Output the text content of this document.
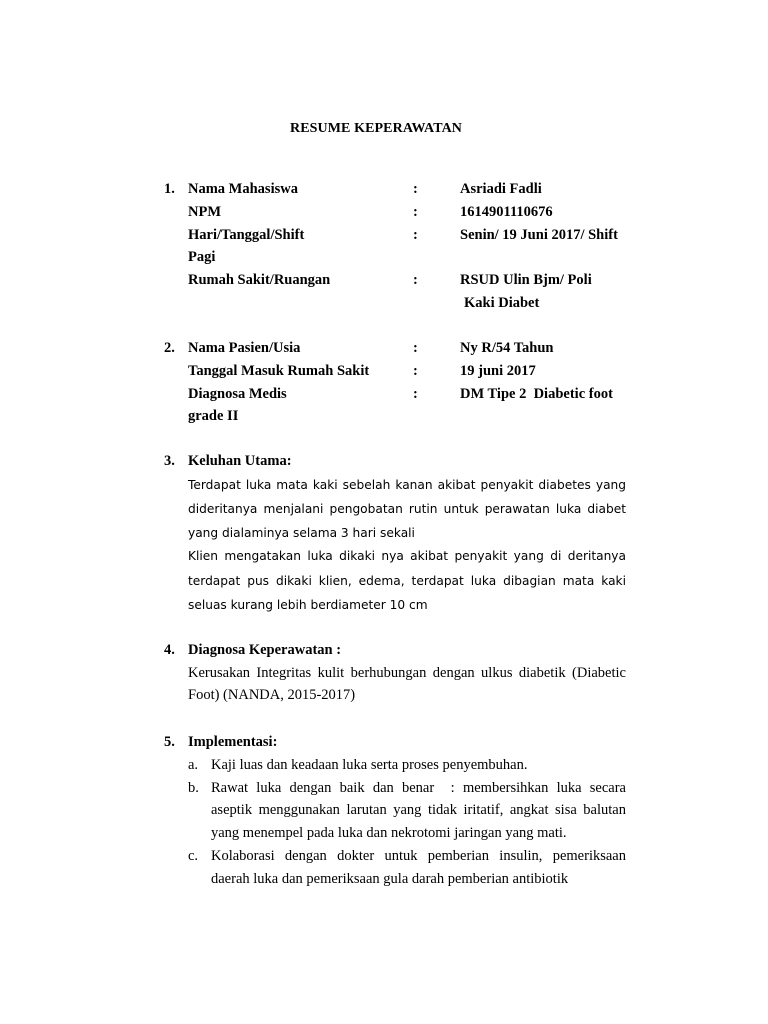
RESUME KEPERAWATAN
1. Nama Mahasiswa	:	Asriadi Fadli
NPM	:	1614901110676
Hari/Tanggal/Shift	:	Senin/ 19 Juni 2017/ Shift
Pagi
Rumah Sakit/Ruangan	:	RSUD Ulin Bjm/ Poli
Kaki Diabet
2. Nama Pasien/Usia	:	Ny R/54 Tahun
Tanggal Masuk Rumah Sakit	:	19 juni 2017
Diagnosa Medis	:	DM Tipe 2  Diabetic foot
grade II
3. Keluhan Utama:
Terdapat luka mata kaki sebelah kanan akibat penyakit diabetes yang
dideritanya menjalani pengobatan rutin untuk perawatan luka diabet
yang dialaminya selama 3 hari sekali
Klien mengatakan luka dikaki nya akibat penyakit yang di deritanya
terdapat pus dikaki klien, edema, terdapat luka dibagian mata kaki
seluas kurang lebih berdiameter 10 cm
4. Diagnosa Keperawatan :
Kerusakan Integritas kulit berhubungan dengan ulkus diabetik (Diabetic
Foot) (NANDA, 2015-2017)
5. Implementasi:
a. Kaji luas dan keadaan luka serta proses penyembuhan.
b. Rawat luka dengan baik dan benar  : membersihkan luka secara
aseptik menggunakan larutan yang tidak iritatif, angkat sisa balutan
yang menempel pada luka dan nekrotomi jaringan yang mati.
c. Kolaborasi dengan dokter untuk pemberian insulin, pemeriksaan
daerah luka dan pemeriksaan gula darah pemberian antibiotik
